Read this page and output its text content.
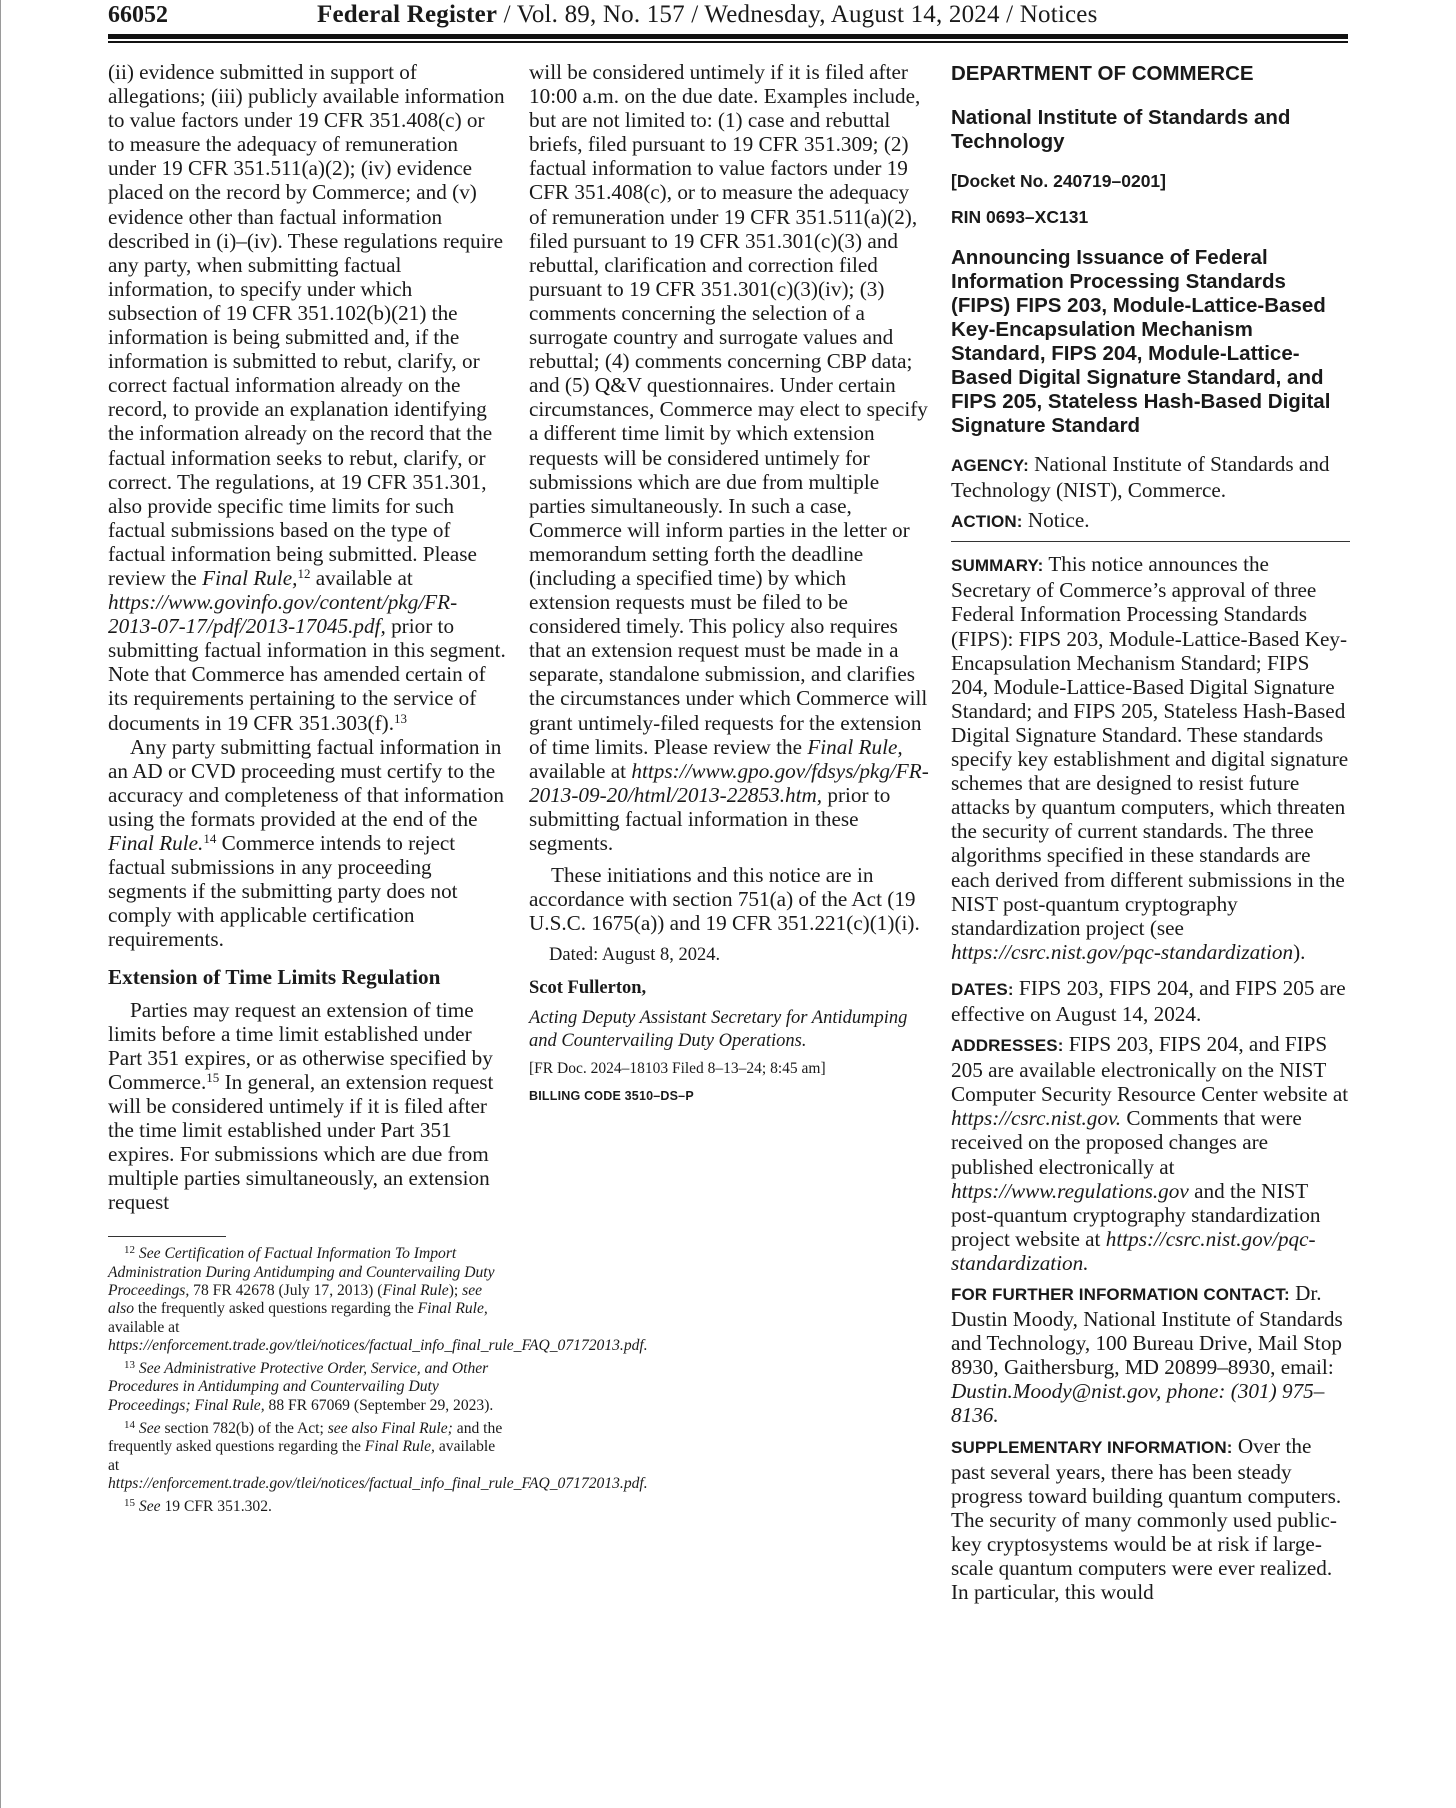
66052	Federal Register / Vol. 89, No. 157 / Wednesday, August 14, 2024 / Notices

(ii) evidence submitted in support of allegations; (iii) publicly available information to value factors under 19 CFR 351.408(c) or to measure the adequacy of remuneration under 19 CFR 351.511(a)(2); (iv) evidence placed on the record by Commerce; and (v) evidence other than factual information described in (i)–(iv). These regulations require any party, when submitting factual information, to specify under which subsection of 19 CFR 351.102(b)(21) the information is being submitted and, if the information is submitted to rebut, clarify, or correct factual information already on the record, to provide an explanation identifying the information already on the record that the factual information seeks to rebut, clarify, or correct. The regulations, at 19 CFR 351.301, also provide specific time limits for such factual submissions based on the type of factual information being submitted. Please review the Final Rule,$^{12}$ available at https://www.govinfo.gov/content/pkg/FR-2013-07-17/pdf/2013-17045.pdf, prior to submitting factual information in this segment. Note that Commerce has amended certain of its requirements pertaining to the service of documents in 19 CFR 351.303(f).$^{13}$

Any party submitting factual information in an AD or CVD proceeding must certify to the accuracy and completeness of that information using the formats provided at the end of the Final Rule.$^{14}$ Commerce intends to reject factual submissions in any proceeding segments if the submitting party does not comply with applicable certification requirements.

Extension of Time Limits Regulation

Parties may request an extension of time limits before a time limit established under Part 351 expires, or as otherwise specified by Commerce.$^{15}$ In general, an extension request will be considered untimely if it is filed after the time limit established under Part 351 expires. For submissions which are due from multiple parties simultaneously, an extension request

$^{12}$ See Certification of Factual Information To Import Administration During Antidumping and Countervailing Duty Proceedings, 78 FR 42678 (July 17, 2013) (Final Rule); see also the frequently asked questions regarding the Final Rule, available at https://enforcement.trade.gov/tlei/notices/factual_info_final_rule_FAQ_07172013.pdf.

$^{13}$ See Administrative Protective Order, Service, and Other Procedures in Antidumping and Countervailing Duty Proceedings; Final Rule, 88 FR 67069 (September 29, 2023).

$^{14}$ See section 782(b) of the Act; see also Final Rule; and the frequently asked questions regarding the Final Rule, available at https://enforcement.trade.gov/tlei/notices/factual_info_final_rule_FAQ_07172013.pdf.

$^{15}$ See 19 CFR 351.302.

will be considered untimely if it is filed after 10:00 a.m. on the due date. Examples include, but are not limited to: (1) case and rebuttal briefs, filed pursuant to 19 CFR 351.309; (2) factual information to value factors under 19 CFR 351.408(c), or to measure the adequacy of remuneration under 19 CFR 351.511(a)(2), filed pursuant to 19 CFR 351.301(c)(3) and rebuttal, clarification and correction filed pursuant to 19 CFR 351.301(c)(3)(iv); (3) comments concerning the selection of a surrogate country and surrogate values and rebuttal; (4) comments concerning CBP data; and (5) Q&V questionnaires. Under certain circumstances, Commerce may elect to specify a different time limit by which extension requests will be considered untimely for submissions which are due from multiple parties simultaneously. In such a case, Commerce will inform parties in the letter or memorandum setting forth the deadline (including a specified time) by which extension requests must be filed to be considered timely. This policy also requires that an extension request must be made in a separate, standalone submission, and clarifies the circumstances under which Commerce will grant untimely-filed requests for the extension of time limits. Please review the Final Rule, available at https://www.gpo.gov/fdsys/pkg/FR-2013-09-20/html/2013-22853.htm, prior to submitting factual information in these segments.

These initiations and this notice are in accordance with section 751(a) of the Act (19 U.S.C. 1675(a)) and 19 CFR 351.221(c)(1)(i).

Dated: August 8, 2024.

Scot Fullerton,

Acting Deputy Assistant Secretary for Antidumping and Countervailing Duty Operations.

[FR Doc. 2024–18103 Filed 8–13–24; 8:45 am]

BILLING CODE 3510–DS–P

DEPARTMENT OF COMMERCE

National Institute of Standards and Technology

[Docket No. 240719–0201]

RIN 0693–XC131

Announcing Issuance of Federal Information Processing Standards (FIPS) FIPS 203, Module-Lattice-Based Key-Encapsulation Mechanism Standard, FIPS 204, Module-Lattice-Based Digital Signature Standard, and FIPS 205, Stateless Hash-Based Digital Signature Standard

AGENCY: National Institute of Standards and Technology (NIST), Commerce.

ACTION: Notice.

SUMMARY: This notice announces the Secretary of Commerce’s approval of three Federal Information Processing Standards (FIPS): FIPS 203, Module-Lattice-Based Key-Encapsulation Mechanism Standard; FIPS 204, Module-Lattice-Based Digital Signature Standard; and FIPS 205, Stateless Hash-Based Digital Signature Standard. These standards specify key establishment and digital signature schemes that are designed to resist future attacks by quantum computers, which threaten the security of current standards. The three algorithms specified in these standards are each derived from different submissions in the NIST post-quantum cryptography standardization project (see https://csrc.nist.gov/pqc-standardization).

DATES: FIPS 203, FIPS 204, and FIPS 205 are effective on August 14, 2024.

ADDRESSES: FIPS 203, FIPS 204, and FIPS 205 are available electronically on the NIST Computer Security Resource Center website at https://csrc.nist.gov. Comments that were received on the proposed changes are published electronically at https://www.regulations.gov and the NIST post-quantum cryptography standardization project website at https://csrc.nist.gov/pqc-standardization.

FOR FURTHER INFORMATION CONTACT: Dr. Dustin Moody, National Institute of Standards and Technology, 100 Bureau Drive, Mail Stop 8930, Gaithersburg, MD 20899–8930, email: Dustin.Moody@nist.gov, phone: (301) 975–8136.

SUPPLEMENTARY INFORMATION: Over the past several years, there has been steady progress toward building quantum computers. The security of many commonly used public-key cryptosystems would be at risk if large-scale quantum computers were ever realized. In particular, this would
